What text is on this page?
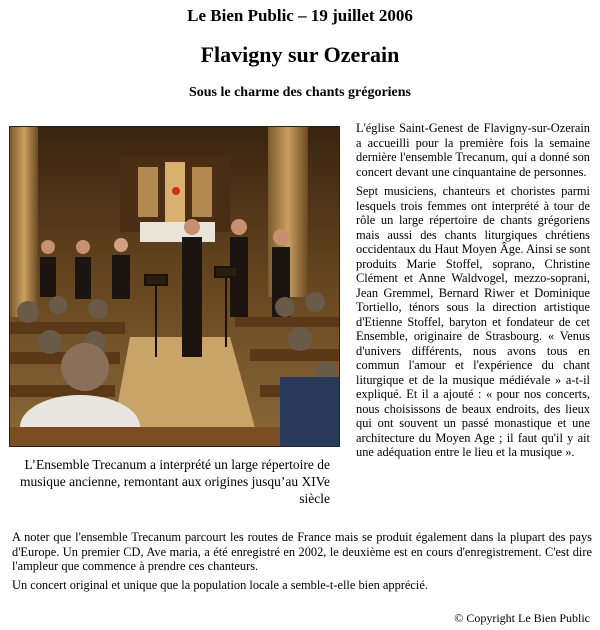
Le Bien Public – 19 juillet 2006
Flavigny sur Ozerain
Sous le charme des chants grégoriens
L’Ensemble Trecanum a interprété un large répertoire de musique ancienne, remontant aux origines jusqu’au XIVe siècle

L'église Saint-Genest de Flavigny-sur-Ozerain a accueilli pour la première fois la semaine dernière l'ensemble Trecanum, qui a donné son concert devant une cinquantaine de personnes.

Sept musiciens, chanteurs et choristes parmi lesquels trois femmes ont interprété à tour de rôle un large répertoire de chants grégoriens mais aussi des chants liturgiques chrétiens occidentaux du Haut Moyen Âge. Ainsi se sont produits Marie Stoffel, soprano, Christine Clément et Anne Waldvogel, mezzo-soprani, Jean Gremmel, Bernard Riwer et Dominique Tortiello, ténors sous la direction artistique d'Etienne Stoffel, baryton et fondateur de cet Ensemble, originaire de Strasbourg. « Venus d'univers différents, nous avons tous en commun l'amour et l'expérience du chant liturgique et de la musique médiévale » a-t-il expliqué. Et il a ajouté : « pour nos concerts, nous choisissons de beaux endroits, des lieux qui ont souvent un passé monastique et une architecture du Moyen Age ; il faut qu'il y ait une adéquation entre le lieu et la musique ».

A noter que l'ensemble Trecanum parcourt les routes de France mais se produit également dans la plupart des pays d'Europe. Un premier CD, Ave maria, a été enregistré en 2002, le deuxième est en cours d'enregistrement. C'est dire l'ampleur que commence à prendre ces chanteurs.

Un concert original et unique que la population locale a semble-t-elle bien apprécié.

© Copyright Le Bien Public
